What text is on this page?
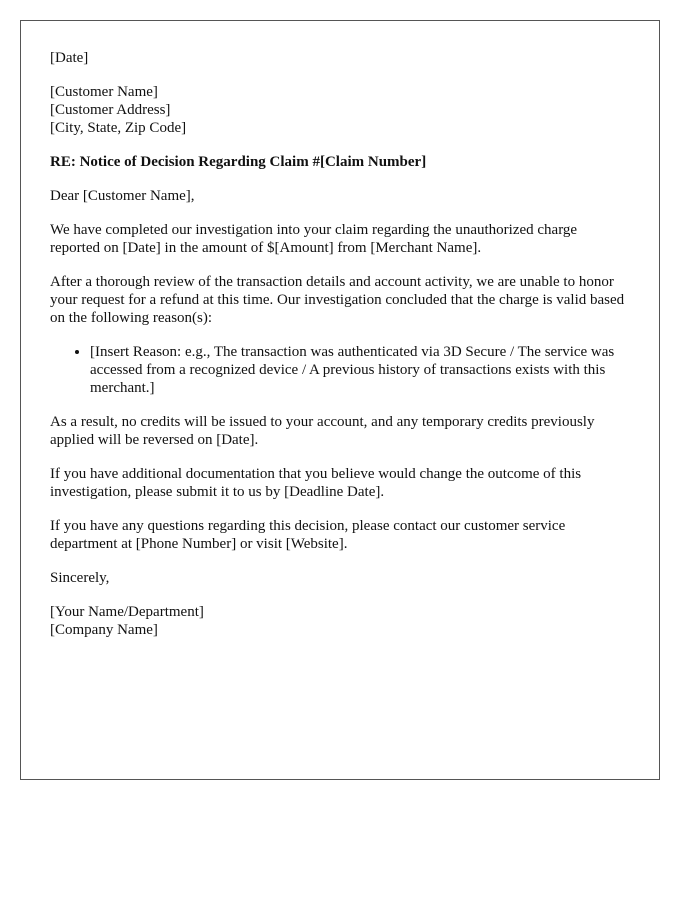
[Date]

[Customer Name]
[Customer Address]
[City, State, Zip Code]

RE: Notice of Decision Regarding Claim #[Claim Number]

Dear [Customer Name],

We have completed our investigation into your claim regarding the unauthorized charge reported on [Date] in the amount of $[Amount] from [Merchant Name].

After a thorough review of the transaction details and account activity, we are unable to honor your request for a refund at this time. Our investigation concluded that the charge is valid based on the following reason(s):

• [Insert Reason: e.g., The transaction was authenticated via 3D Secure / The service was accessed from a recognized device / A previous history of transactions exists with this merchant.]

As a result, no credits will be issued to your account, and any temporary credits previously applied will be reversed on [Date].

If you have additional documentation that you believe would change the outcome of this investigation, please submit it to us by [Deadline Date].

If you have any questions regarding this decision, please contact our customer service department at [Phone Number] or visit [Website].

Sincerely,

[Your Name/Department]
[Company Name]
